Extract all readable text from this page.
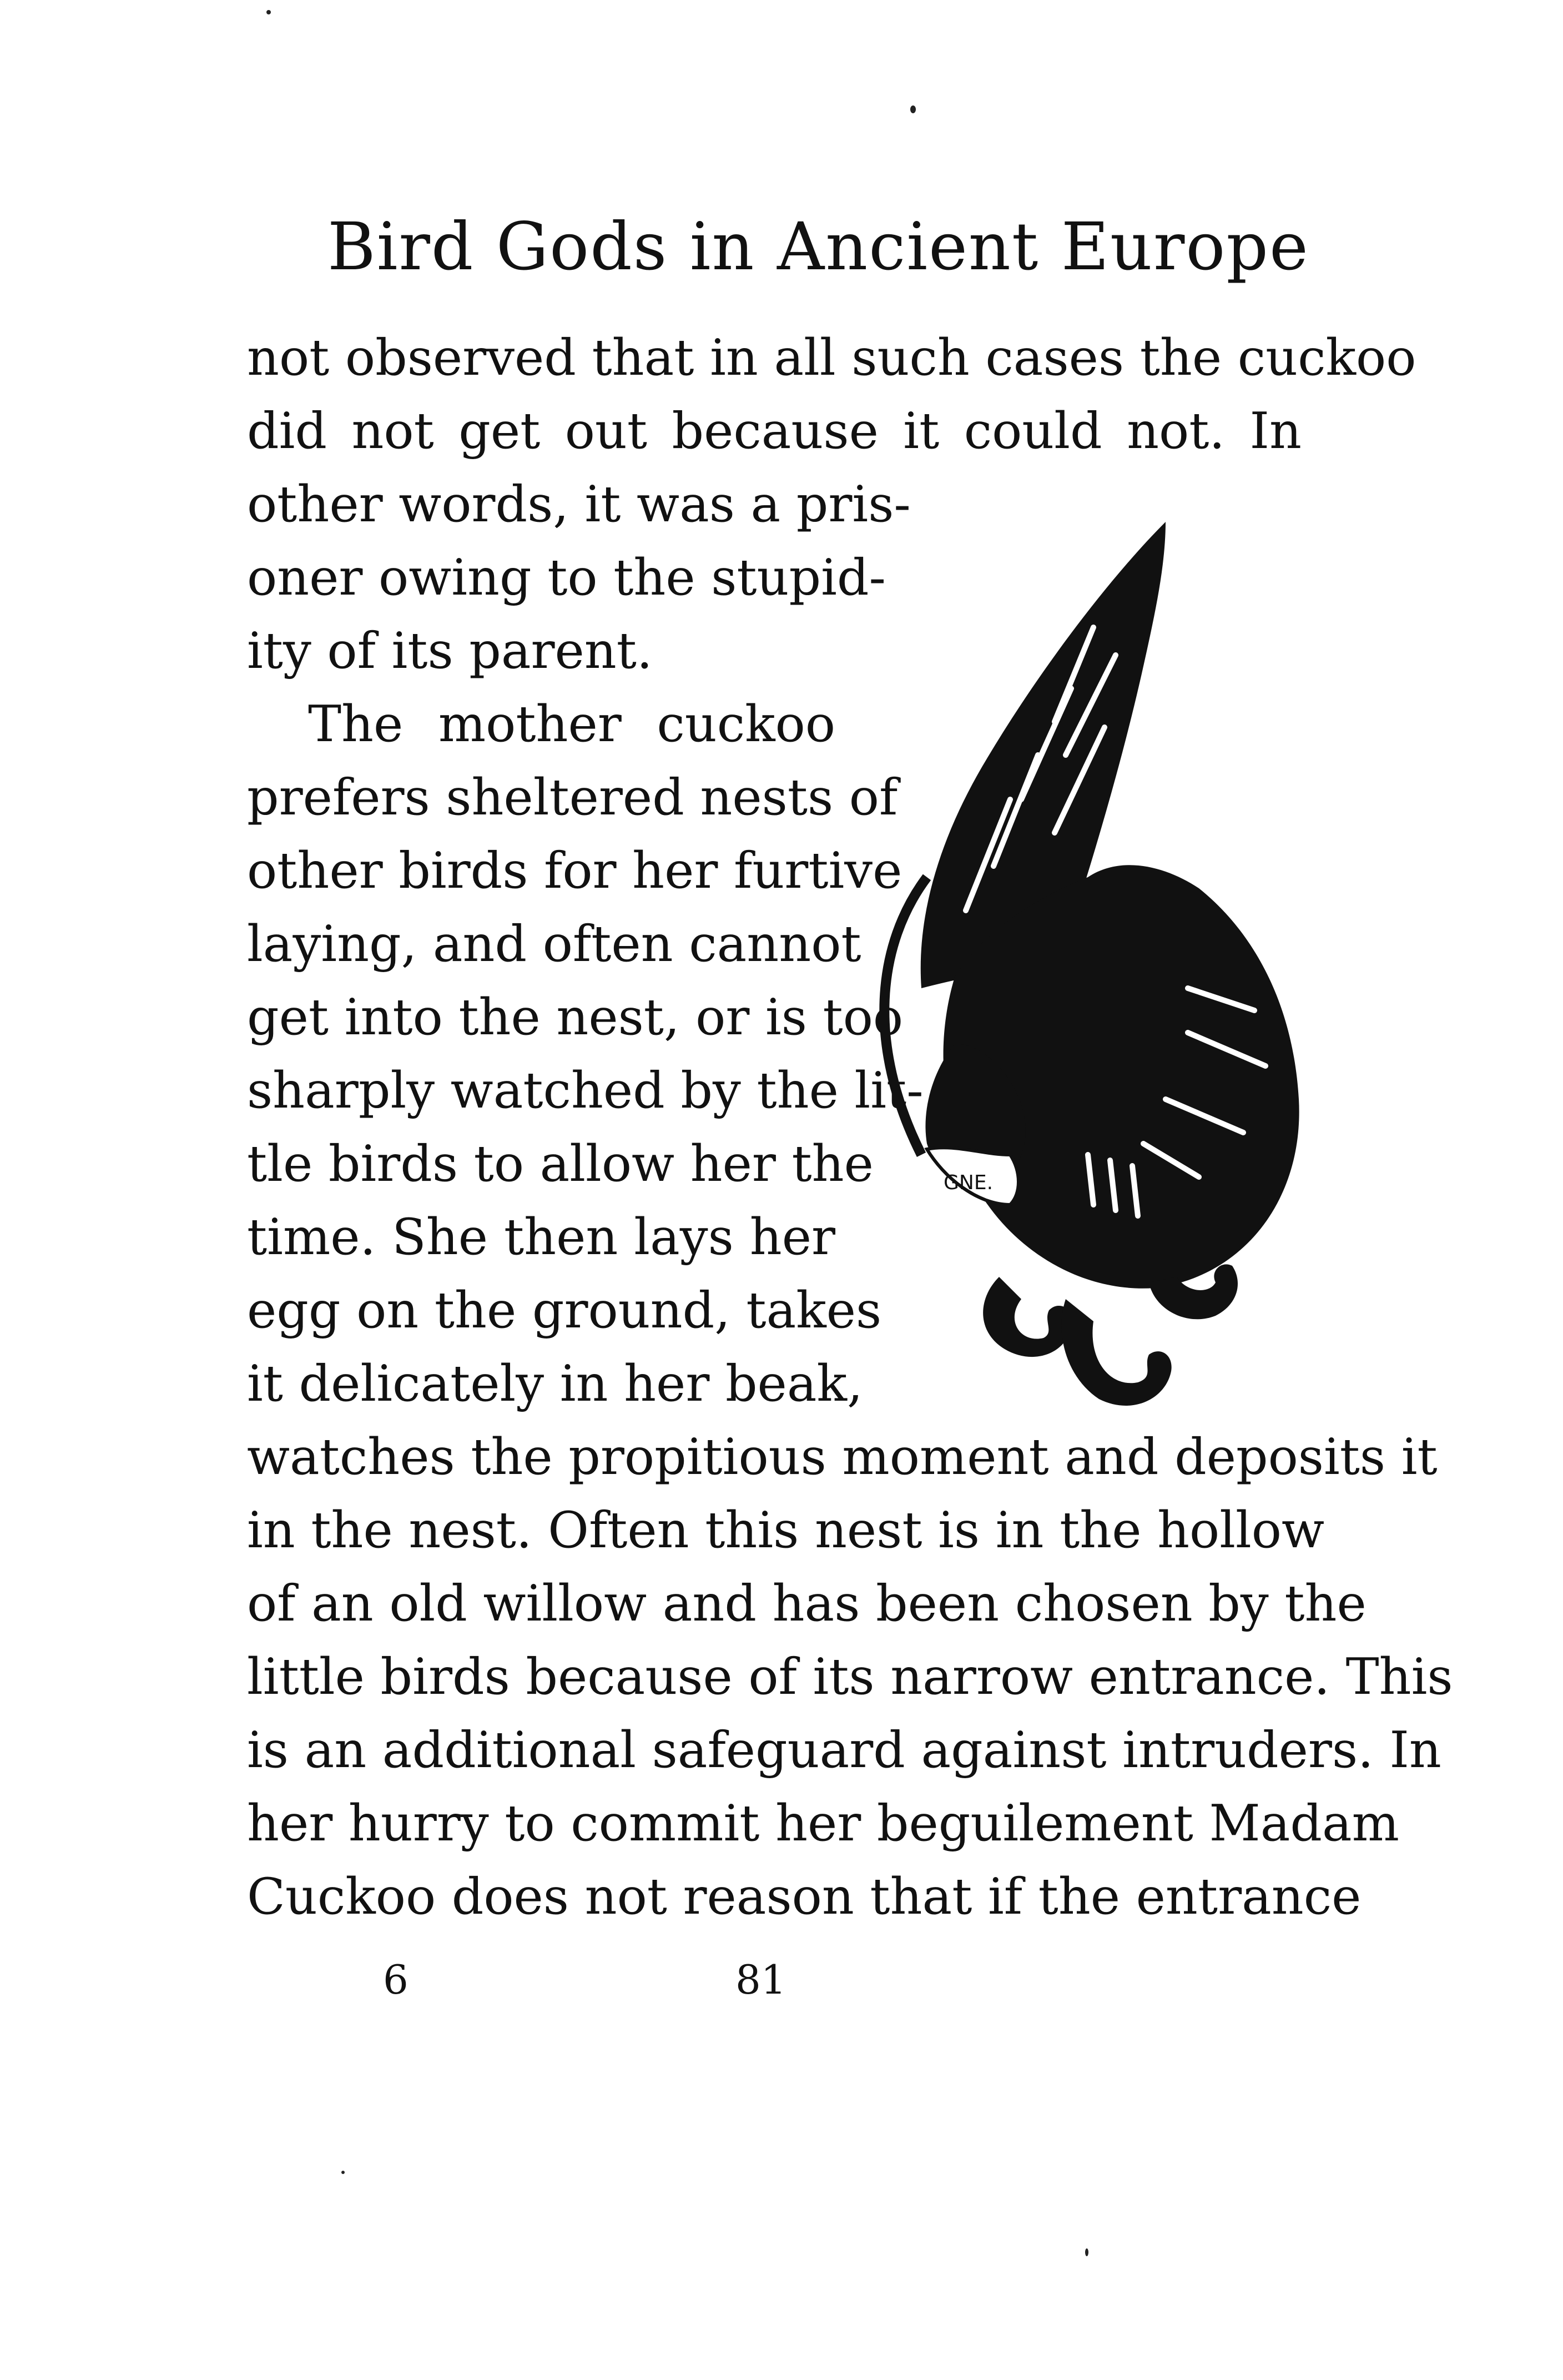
Bird Gods in Ancient Europe
not observed that in all such cases the cuckoo
did not get out because it could not. In
other words, it was a pris-
oner owing to the stupid-
ity of its parent.
The mother cuckoo
prefers sheltered nests of
other birds for her furtive
laying, and often cannot
get into the nest, or is too
sharply watched by the lit-
tle birds to allow her the
time. She then lays her
egg on the ground, takes
it delicately in her beak,
watches the propitious moment and deposits it
in the nest. Often this nest is in the hollow
of an old willow and has been chosen by the
little birds because of its narrow entrance. This
is an additional safeguard against intruders. In
her hurry to commit her beguilement Madam
Cuckoo does not reason that if the entrance
GNE.
6	81
